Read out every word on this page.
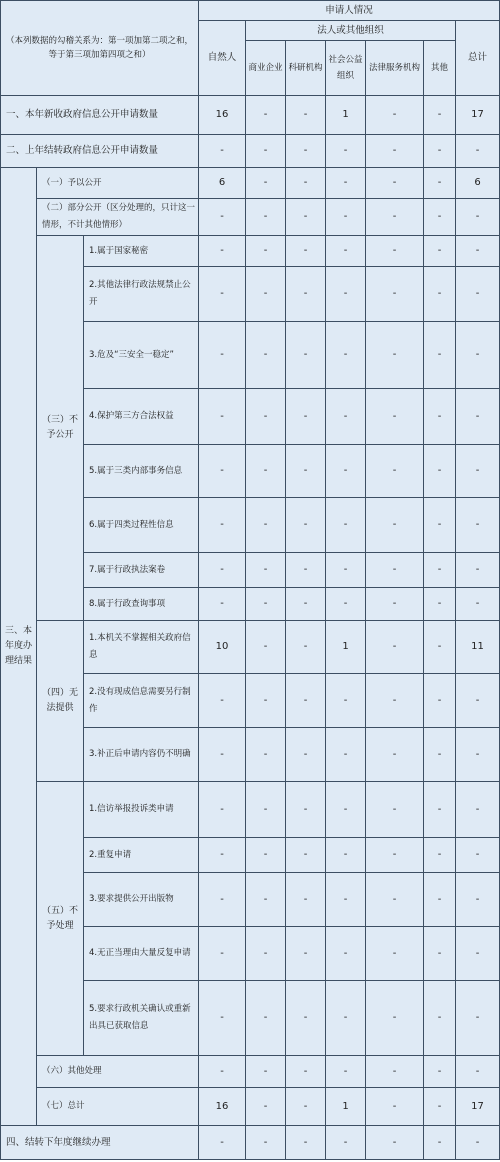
（本列数据的勾稽关系为：第一项加第二项之和，等于第三项加第四项之和）			申请人情况						
			自然人	法人或其他组织					总计
				商业企业	科研机构	社会公益组织	法律服务机构	其他	
一、本年新收政府信息公开申请数量			16	-	-	1	-	-	17
二、上年结转政府信息公开申请数量			-	-	-	-	-	-	-
三、本年度办理结果	（一）予以公开		6	-	-	-	-	-	6
	（二）部分公开（区分处理的，只计这一情形，不计其他情形）		-	-	-	-	-	-	-
	（三）不予公开	1.属于国家秘密	-	-	-	-	-	-	-
		2.其他法律行政法规禁止公开	-	-	-	-	-	-	-
		3.危及“三安全一稳定”	-	-	-	-	-	-	-
		4.保护第三方合法权益	-	-	-	-	-	-	-
		5.属于三类内部事务信息	-	-	-	-	-	-	-
		6.属于四类过程性信息	-	-	-	-	-	-	-
		7.属于行政执法案卷	-	-	-	-	-	-	-
		8.属于行政查询事项	-	-	-	-	-	-	-
	（四）无法提供	1.本机关不掌握相关政府信息	10	-	-	1	-	-	11
		2.没有现成信息需要另行制作	-	-	-	-	-	-	-
		3.补正后申请内容仍不明确	-	-	-	-	-	-	-
	（五）不予处理	1.信访举报投诉类申请	-	-	-	-	-	-	-
		2.重复申请	-	-	-	-	-	-	-
		3.要求提供公开出版物	-	-	-	-	-	-	-
		4.无正当理由大量反复申请	-	-	-	-	-	-	-
		5.要求行政机关确认或重新出具已获取信息	-	-	-	-	-	-	-
	（六）其他处理		-	-	-	-	-	-	-
	（七）总计		16	-	-	1	-	-	17
四、结转下年度继续办理			-	-	-	-	-	-	-
